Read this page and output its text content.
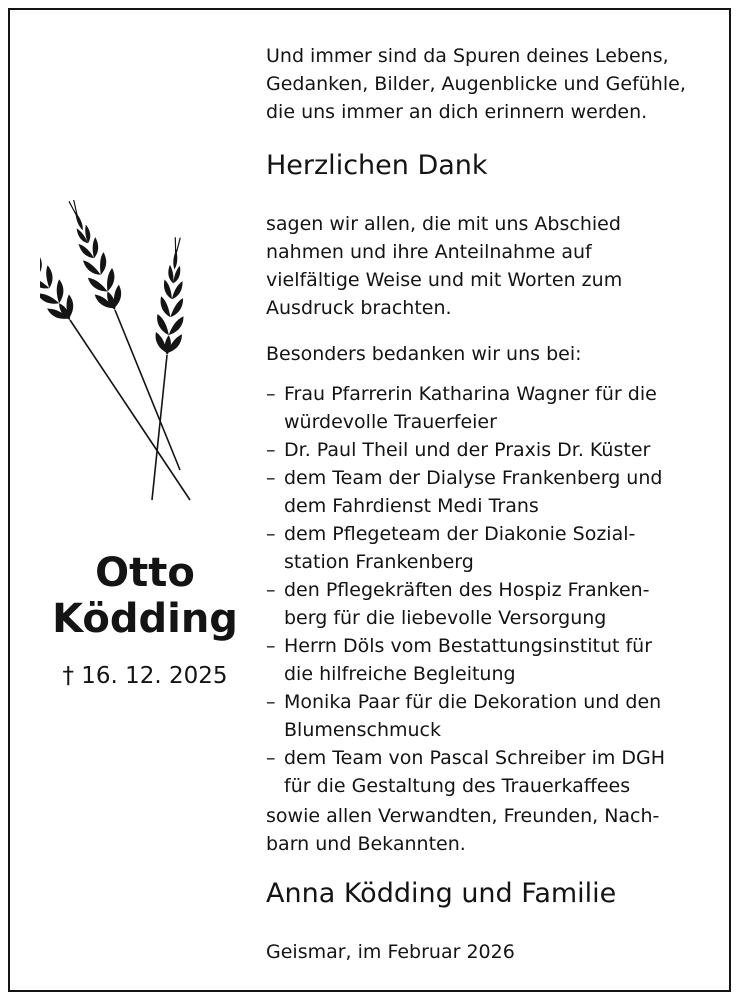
Otto
Ködding
† 16. 12. 2025

Und immer sind da Spuren deines Lebens,
Gedanken, Bilder, Augenblicke und Gefühle,
die uns immer an dich erinnern werden.

Herzlichen Dank

sagen wir allen, die mit uns Abschied
nahmen und ihre Anteilnahme auf
vielfältige Weise und mit Worten zum
Ausdruck brachten.

Besonders bedanken wir uns bei:

– Frau Pfarrerin Katharina Wagner für die
würdevolle Trauerfeier
– Dr. Paul Theil und der Praxis Dr. Küster
– dem Team der Dialyse Frankenberg und
dem Fahrdienst Medi Trans
– dem Pflegeteam der Diakonie Sozial-
station Frankenberg
– den Pflegekräften des Hospiz Franken-
berg für die liebevolle Versorgung
– Herrn Döls vom Bestattungsinstitut für
die hilfreiche Begleitung
– Monika Paar für die Dekoration und den
Blumenschmuck
– dem Team von Pascal Schreiber im DGH
für die Gestaltung des Trauerkaffees

sowie allen Verwandten, Freunden, Nach-
barn und Bekannten.

Anna Ködding und Familie

Geismar, im Februar 2026
